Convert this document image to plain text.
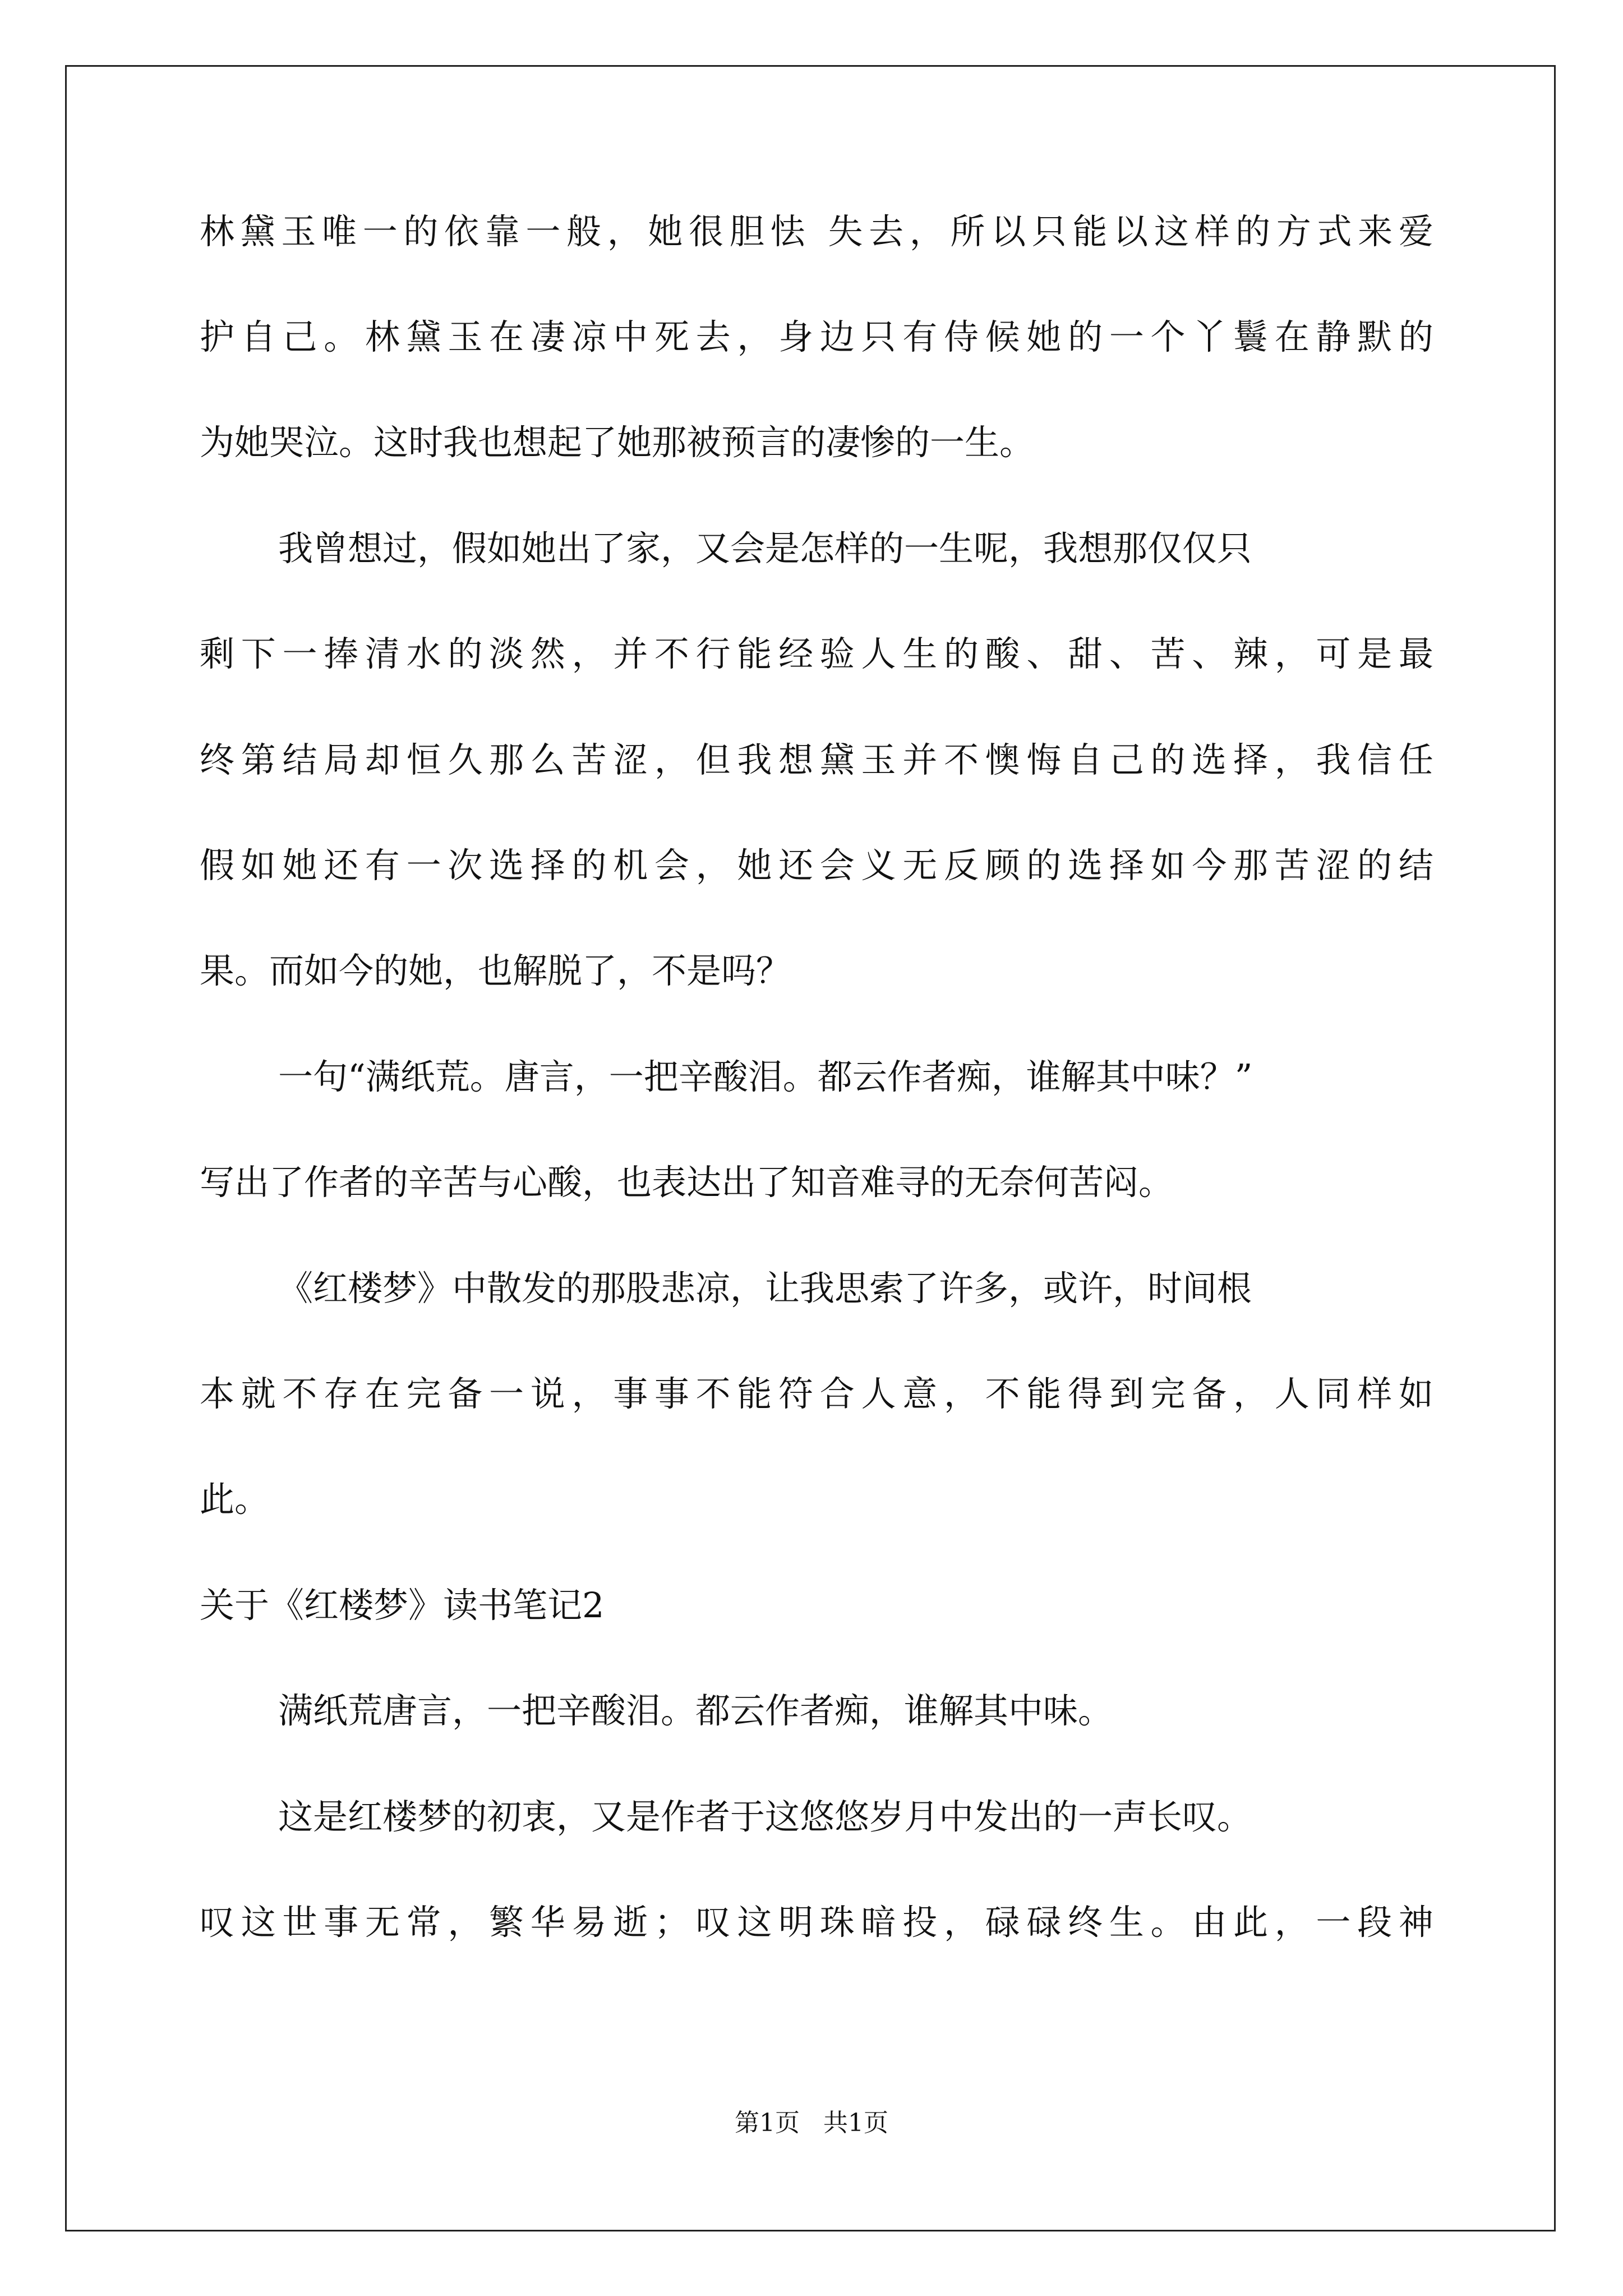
林 黛 玉 唯 一 的 依 靠 一 般 ， 她 很 胆 怯
失 去 ， 所 以 只 能 以 这 样 的 方 式 来 爱
护 自 己 。 林 黛 玉 在 凄 凉 中 死 去 ， 身 边 只 有 侍 候 她 的 一 个 丫 鬟 在 静 默 的
为她哭泣。这时我也想起了她那被预言的凄惨的一生。
我曾想过，假如她出了家，又会是怎样的一生呢，我想那仅仅只
剩 下 一 捧 清 水 的 淡 然 ， 并 不 行 能 经 验 人 生 的 酸 、 甜 、 苦 、 辣 ， 可 是 最
终 第 结 局 却 恒 久 那 么 苦 涩 ， 但 我 想 黛 玉 并 不 懊 悔 自 己 的 选 择 ， 我 信 任
假 如 她 还 有 一 次 选 择 的 机 会 ， 她 还 会 义 无 反 顾 的 选 择 如 今 那 苦 涩 的 结
果。而如今的她，也解脱了，不是吗？
一句“满纸荒。唐言，一把辛酸泪。都云作者痴，谁解其中味？”
写出了作者的辛苦与心酸，也表达出了知音难寻的无奈何苦闷。
《红楼梦》中散发的那股悲凉，让我思索了许多，或许，时间根
本 就 不 存 在 完 备 一 说 ， 事 事 不 能 符 合 人 意 ， 不 能 得 到 完 备 ， 人 同 样 如
此。
关于《红楼梦》读书笔记2
满纸荒唐言，一把辛酸泪。都云作者痴，谁解其中味。
这是红楼梦的初衷，又是作者于这悠悠岁月中发出的一声长叹。
叹 这 世 事 无 常 ， 繁 华 易 逝 ； 叹 这 明 珠 暗 投 ， 碌 碌 终 生 。 由 此 ， 一 段 神
第1页   共1页
